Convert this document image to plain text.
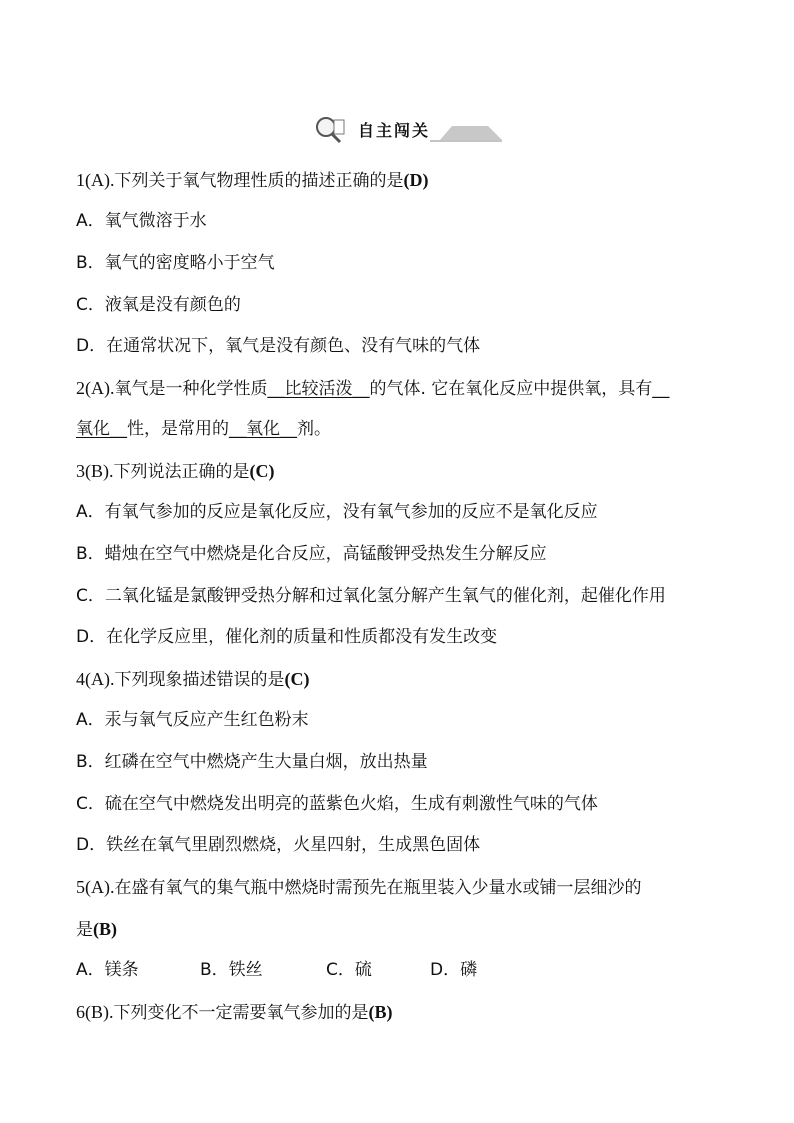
自主闯关
1(A).下列关于氧气物理性质的描述正确的是(D)
A．氧气微溶于水
B．氧气的密度略小于空气
C．液氧是没有颜色的
D．在通常状况下，氧气是没有颜色、没有气味的气体
2(A).氧气是一种化学性质__比较活泼__的气体. 它在氧化反应中提供氧，具有__
氧化__性，是常用的__氧化__剂。
3(B).下列说法正确的是(C)
A．有氧气参加的反应是氧化反应，没有氧气参加的反应不是氧化反应
B．蜡烛在空气中燃烧是化合反应，高锰酸钾受热发生分解反应
C．二氧化锰是氯酸钾受热分解和过氧化氢分解产生氧气的催化剂，起催化作用
D．在化学反应里，催化剂的质量和性质都没有发生改变
4(A).下列现象描述错误的是(C)
A．汞与氧气反应产生红色粉末
B．红磷在空气中燃烧产生大量白烟，放出热量
C．硫在空气中燃烧发出明亮的蓝紫色火焰，生成有刺激性气味的气体
D．铁丝在氧气里剧烈燃烧，火星四射，生成黑色固体
5(A).在盛有氧气的集气瓶中燃烧时需预先在瓶里装入少量水或铺一层细沙的
是(B)
A．镁条	B．铁丝	C．硫	D．磷
6(B).下列变化不一定需要氧气参加的是(B)
